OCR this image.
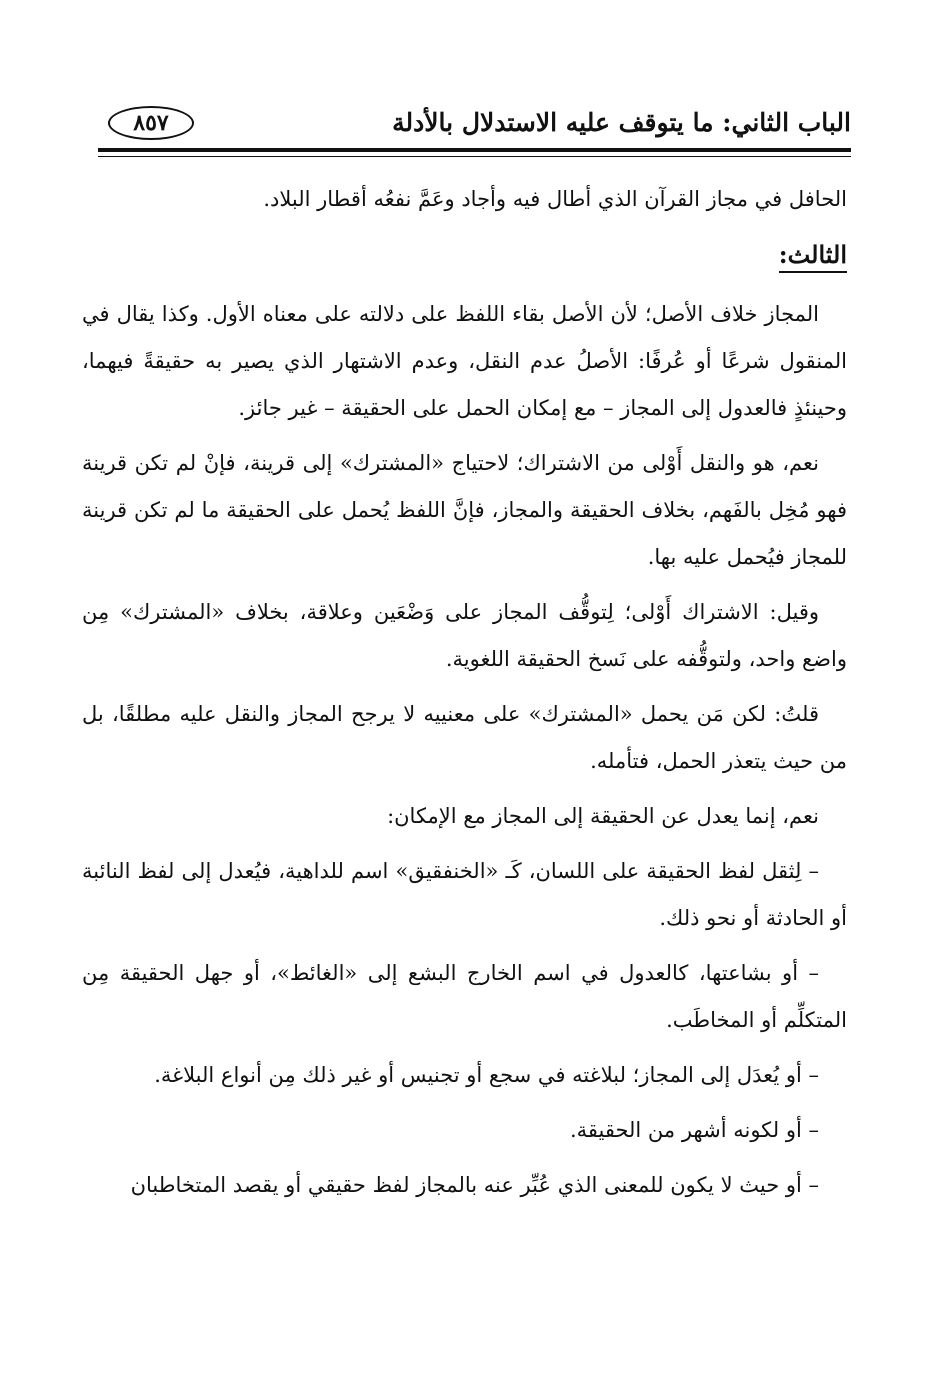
الباب الثاني: ما يتوقف عليه الاستدلال بالأدلة
٨٥٧

الحافل في مجاز القرآن الذي أطال فيه وأجاد وعَمَّ نفعُه أقطار البلاد.

الثالث:

المجاز خلاف الأصل؛ لأن الأصل بقاء اللفظ على دلالته على معناه الأول. وكذا يقال في المنقول شرعًا أو عُرفًا: الأصلُ عدم النقل، وعدم الاشتهار الذي يصير به حقيقةً فيهما، وحينئذٍ فالعدول إلى المجاز – مع إمكان الحمل على الحقيقة – غير جائز.

نعم، هو والنقل أَوْلى من الاشتراك؛ لاحتياج «المشترك» إلى قرينة، فإنْ لم تكن قرينة فهو مُخِل بالفَهم، بخلاف الحقيقة والمجاز، فإنَّ اللفظ يُحمل على الحقيقة ما لم تكن قرينة للمجاز فيُحمل عليه بها.

وقيل: الاشتراك أَوْلى؛ لِتوقُّف المجاز على وَضْعَين وعلاقة، بخلاف «المشترك» مِن واضع واحد، ولتوقُّفه على نَسخ الحقيقة اللغوية.

قلتُ: لكن مَن يحمل «المشترك» على معنييه لا يرجح المجاز والنقل عليه مطلقًا، بل من حيث يتعذر الحمل، فتأمله.

نعم، إنما يعدل عن الحقيقة إلى المجاز مع الإمكان:

– لِثقل لفظ الحقيقة على اللسان، كَـ «الخنفقيق» اسم للداهية، فيُعدل إلى لفظ النائبة أو الحادثة أو نحو ذلك.

– أو بشاعتها، كالعدول في اسم الخارج البشع إلى «الغائط»، أو جهل الحقيقة مِن المتكلِّم أو المخاطَب.

– أو يُعدَل إلى المجاز؛ لبلاغته في سجع أو تجنيس أو غير ذلك مِن أنواع البلاغة.

– أو لكونه أشهر من الحقيقة.

– أو حيث لا يكون للمعنى الذي عُبِّر عنه بالمجاز لفظ حقيقي أو يقصد المتخاطبان
